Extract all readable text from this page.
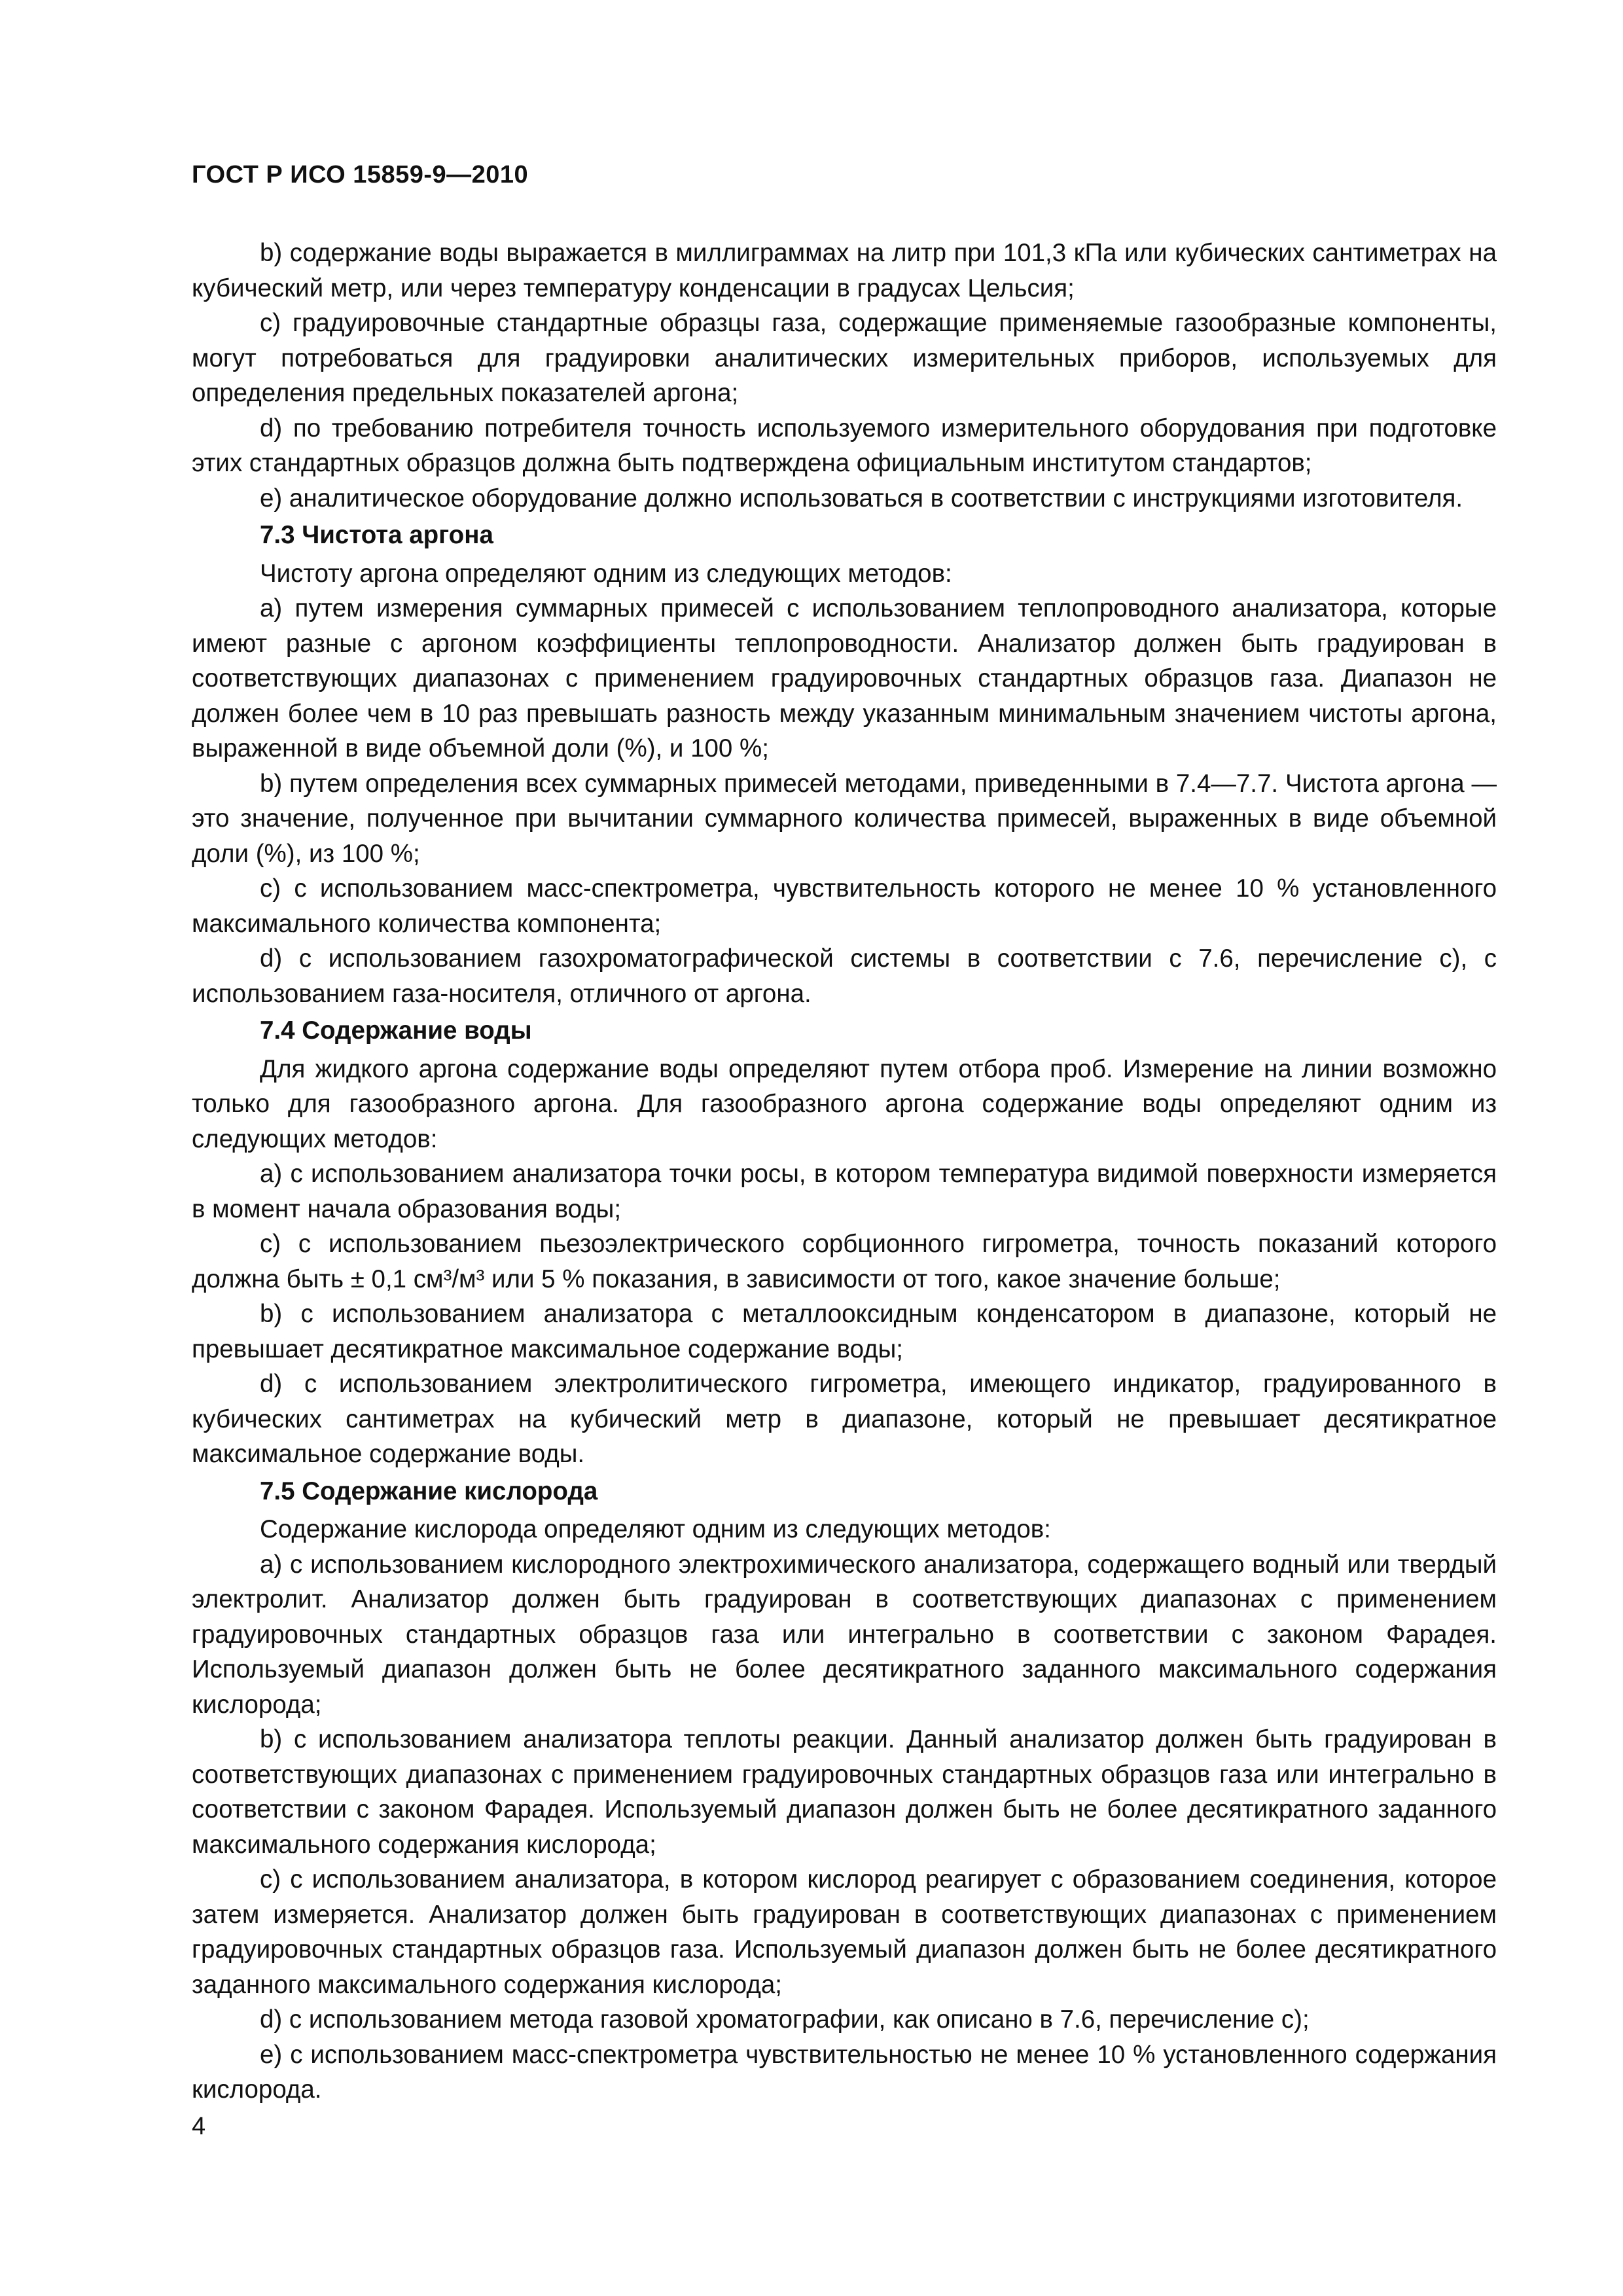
ГОСТ Р ИСО 15859-9—2010

b) содержание воды выражается в миллиграммах на литр при 101,3 кПа или кубических сантиметрах на кубический метр, или через температуру конденсации в градусах Цельсия;

c) градуировочные стандартные образцы газа, содержащие применяемые газообразные компоненты, могут потребоваться для градуировки аналитических измерительных приборов, используемых для определения предельных показателей аргона;

d) по требованию потребителя точность используемого измерительного оборудования при подготовке этих стандартных образцов должна быть подтверждена официальным институтом стандартов;

e) аналитическое оборудование должно использоваться в соответствии с инструкциями изготовителя.

7.3 Чистота аргона

Чистоту аргона определяют одним из следующих методов:

a) путем измерения суммарных примесей с использованием теплопроводного анализатора, которые имеют разные с аргоном коэффициенты теплопроводности. Анализатор должен быть градуирован в соответствующих диапазонах с применением градуировочных стандартных образцов газа. Диапазон не должен более чем в 10 раз превышать разность между указанным минимальным значением чистоты аргона, выраженной в виде объемной доли (%), и 100 %;

b) путем определения всех суммарных примесей методами, приведенными в 7.4—7.7. Чистота аргона — это значение, полученное при вычитании суммарного количества примесей, выраженных в виде объемной доли (%), из 100 %;

c) с использованием масс-спектрометра, чувствительность которого не менее 10 % установленного максимального количества компонента;

d) с использованием газохроматографической системы в соответствии с 7.6, перечисление c), с использованием газа-носителя, отличного от аргона.

7.4 Содержание воды

Для жидкого аргона содержание воды определяют путем отбора проб. Измерение на линии возможно только для газообразного аргона. Для газообразного аргона содержание воды определяют одним из следующих методов:

a) с использованием анализатора точки росы, в котором температура видимой поверхности измеряется в момент начала образования воды;

c) с использованием пьезоэлектрического сорбционного гигрометра, точность показаний которого должна быть ± 0,1 см³/м³ или 5 % показания, в зависимости от того, какое значение больше;

b) с использованием анализатора с металлооксидным конденсатором в диапазоне, который не превышает десятикратное максимальное содержание воды;

d) с использованием электролитического гигрометра, имеющего индикатор, градуированного в кубических сантиметрах на кубический метр в диапазоне, который не превышает десятикратное максимальное содержание воды.

7.5 Содержание кислорода

Содержание кислорода определяют одним из следующих методов:

a) с использованием кислородного электрохимического анализатора, содержащего водный или твердый электролит. Анализатор должен быть градуирован в соответствующих диапазонах с применением градуировочных стандартных образцов газа или интегрально в соответствии с законом Фарадея. Используемый диапазон должен быть не более десятикратного заданного максимального содержания кислорода;

b) с использованием анализатора теплоты реакции. Данный анализатор должен быть градуирован в соответствующих диапазонах с применением градуировочных стандартных образцов газа или интегрально в соответствии с законом Фарадея. Используемый диапазон должен быть не более десятикратного заданного максимального содержания кислорода;

c) с использованием анализатора, в котором кислород реагирует с образованием соединения, которое затем измеряется. Анализатор должен быть градуирован в соответствующих диапазонах с применением градуировочных стандартных образцов газа. Используемый диапазон должен быть не более десятикратного заданного максимального содержания кислорода;

d) с использованием метода газовой хроматографии, как описано в 7.6, перечисление c);

e) с использованием масс-спектрометра чувствительностью не менее 10 % установленного содержания кислорода.

4
